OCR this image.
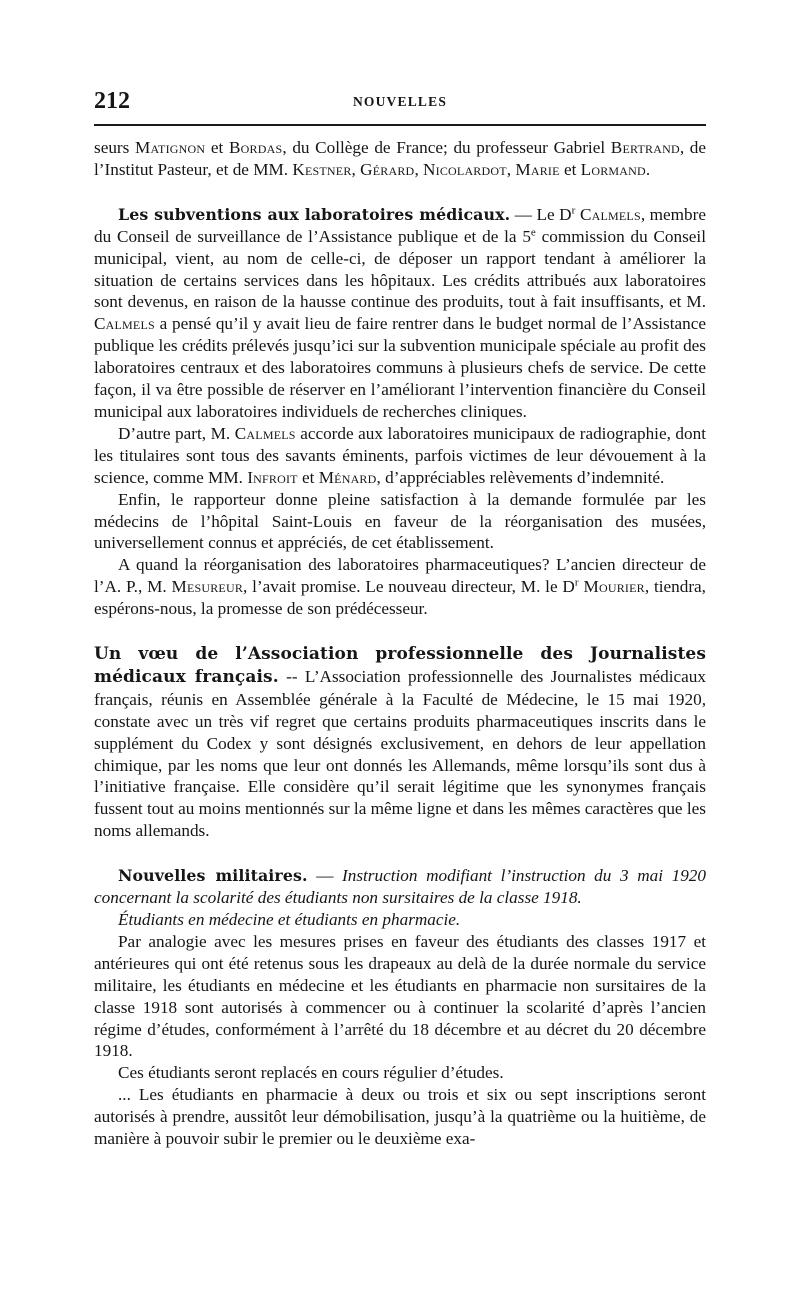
212	NOUVELLES

seurs Matignon et Bordas, du Collège de France; du professeur Gabriel Bertrand, de l’Institut Pasteur, et de MM. Kestner, Gérard, Nicolardot, Marie et Lormand.

Les subventions aux laboratoires médicaux. — Le $D^r$ Calmels, membre du Conseil de surveillance de l’Assistance publique et de la 5e commission du Conseil municipal, vient, au nom de celle-ci, de déposer un rapport tendant à améliorer la situation de certains services dans les hôpitaux. Les crédits attribués aux laboratoires sont devenus, en raison de la hausse continue des produits, tout à fait insuffisants, et M. Calmels a pensé qu’il y avait lieu de faire rentrer dans le budget normal de l’Assistance publique les crédits prélevés jusqu’ici sur la subvention municipale spéciale au profit des laboratoires centraux et des laboratoires communs à plusieurs chefs de service. De cette façon, il va être possible de réserver en l’améliorant l’intervention financière du Conseil municipal aux laboratoires individuels de recherches cliniques.

D’autre part, M. Calmels accorde aux laboratoires municipaux de radiographie, dont les titulaires sont tous des savants éminents, parfois victimes de leur dévouement à la science, comme MM. Infroit et Ménard, d’appréciables relèvements d’indemnité.

Enfin, le rapporteur donne pleine satisfaction à la demande formulée par les médecins de l’hôpital Saint-Louis en faveur de la réorganisation des musées, universellement connus et appréciés, de cet établissement.

A quand la réorganisation des laboratoires pharmaceutiques? L’ancien directeur de l’A. P., M. Mesureur, l’avait promise. Le nouveau directeur, M. le $D^r$ Mourier, tiendra, espérons-nous, la promesse de son prédécesseur.

Un vœu de l’Association professionnelle des Journalistes médicaux français. -- L’Association professionnelle des Journalistes médicaux français, réunis en Assemblée générale à la Faculté de Médecine, le 15 mai 1920, constate avec un très vif regret que certains produits pharmaceutiques inscrits dans le supplément du Codex y sont désignés exclusivement, en dehors de leur appellation chimique, par les noms que leur ont donnés les Allemands, même lorsqu’ils sont dus à l’initiative française. Elle considère qu’il serait légitime que les synonymes français fussent tout au moins mentionnés sur la même ligne et dans les mêmes caractères que les noms allemands.

Nouvelles militaires. — Instruction modifiant l’instruction du 3 mai 1920 concernant la scolarité des étudiants non sursitaires de la classe 1918.

Étudiants en médecine et étudiants en pharmacie.

Par analogie avec les mesures prises en faveur des étudiants des classes 1917 et antérieures qui ont été retenus sous les drapeaux au delà de la durée normale du service militaire, les étudiants en médecine et les étudiants en pharmacie non sursitaires de la classe 1918 sont autorisés à commencer ou à continuer la scolarité d’après l’ancien régime d’études, conformément à l’arrêté du 18 décembre et au décret du 20 décembre 1918.

Ces étudiants seront replacés en cours régulier d’études.

... Les étudiants en pharmacie à deux ou trois et six ou sept inscriptions seront autorisés à prendre, aussitôt leur démobilisation, jusqu’à la quatrième ou la huitième, de manière à pouvoir subir le premier ou le deuxième exa-
